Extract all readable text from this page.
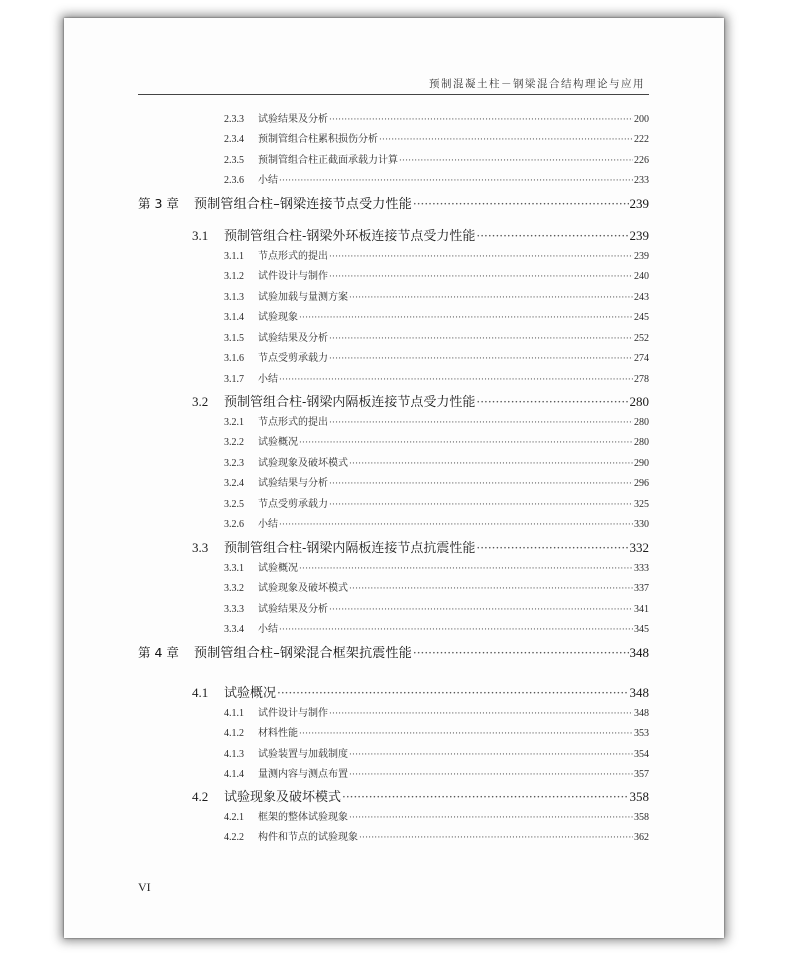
预制混凝土柱－钢梁混合结构理论与应用
2.3.3	试验结果及分析 ·····	200
2.3.4	预制管组合柱累积损伤分析 ·····	222
2.3.5	预制管组合柱正截面承载力计算 ·····	226
2.3.6	小结 ·····	233
第 3 章	预制管组合柱–钢梁连接节点受力性能 ·····	239
3.1	预制管组合柱-钢梁外环板连接节点受力性能 ·····	239
3.1.1	节点形式的提出 ·····	239
3.1.2	试件设计与制作 ·····	240
3.1.3	试验加载与量测方案 ·····	243
3.1.4	试验现象 ·····	245
3.1.5	试验结果及分析 ·····	252
3.1.6	节点受剪承载力 ·····	274
3.1.7	小结 ·····	278
3.2	预制管组合柱-钢梁内隔板连接节点受力性能 ·····	280
3.2.1	节点形式的提出 ·····	280
3.2.2	试验概况 ·····	280
3.2.3	试验现象及破坏模式 ·····	290
3.2.4	试验结果与分析 ·····	296
3.2.5	节点受剪承载力 ·····	325
3.2.6	小结 ·····	330
3.3	预制管组合柱-钢梁内隔板连接节点抗震性能 ·····	332
3.3.1	试验概况 ·····	333
3.3.2	试验现象及破坏模式 ·····	337
3.3.3	试验结果及分析 ·····	341
3.3.4	小结 ·····	345
第 4 章	预制管组合柱–钢梁混合框架抗震性能 ·····	348
4.1	试验概况 ·····	348
4.1.1	试件设计与制作 ·····	348
4.1.2	材料性能 ·····	353
4.1.3	试验装置与加载制度 ·····	354
4.1.4	量测内容与测点布置 ·····	357
4.2	试验现象及破坏模式 ·····	358
4.2.1	框架的整体试验现象 ·····	358
4.2.2	构件和节点的试验现象 ·····	362
VI
